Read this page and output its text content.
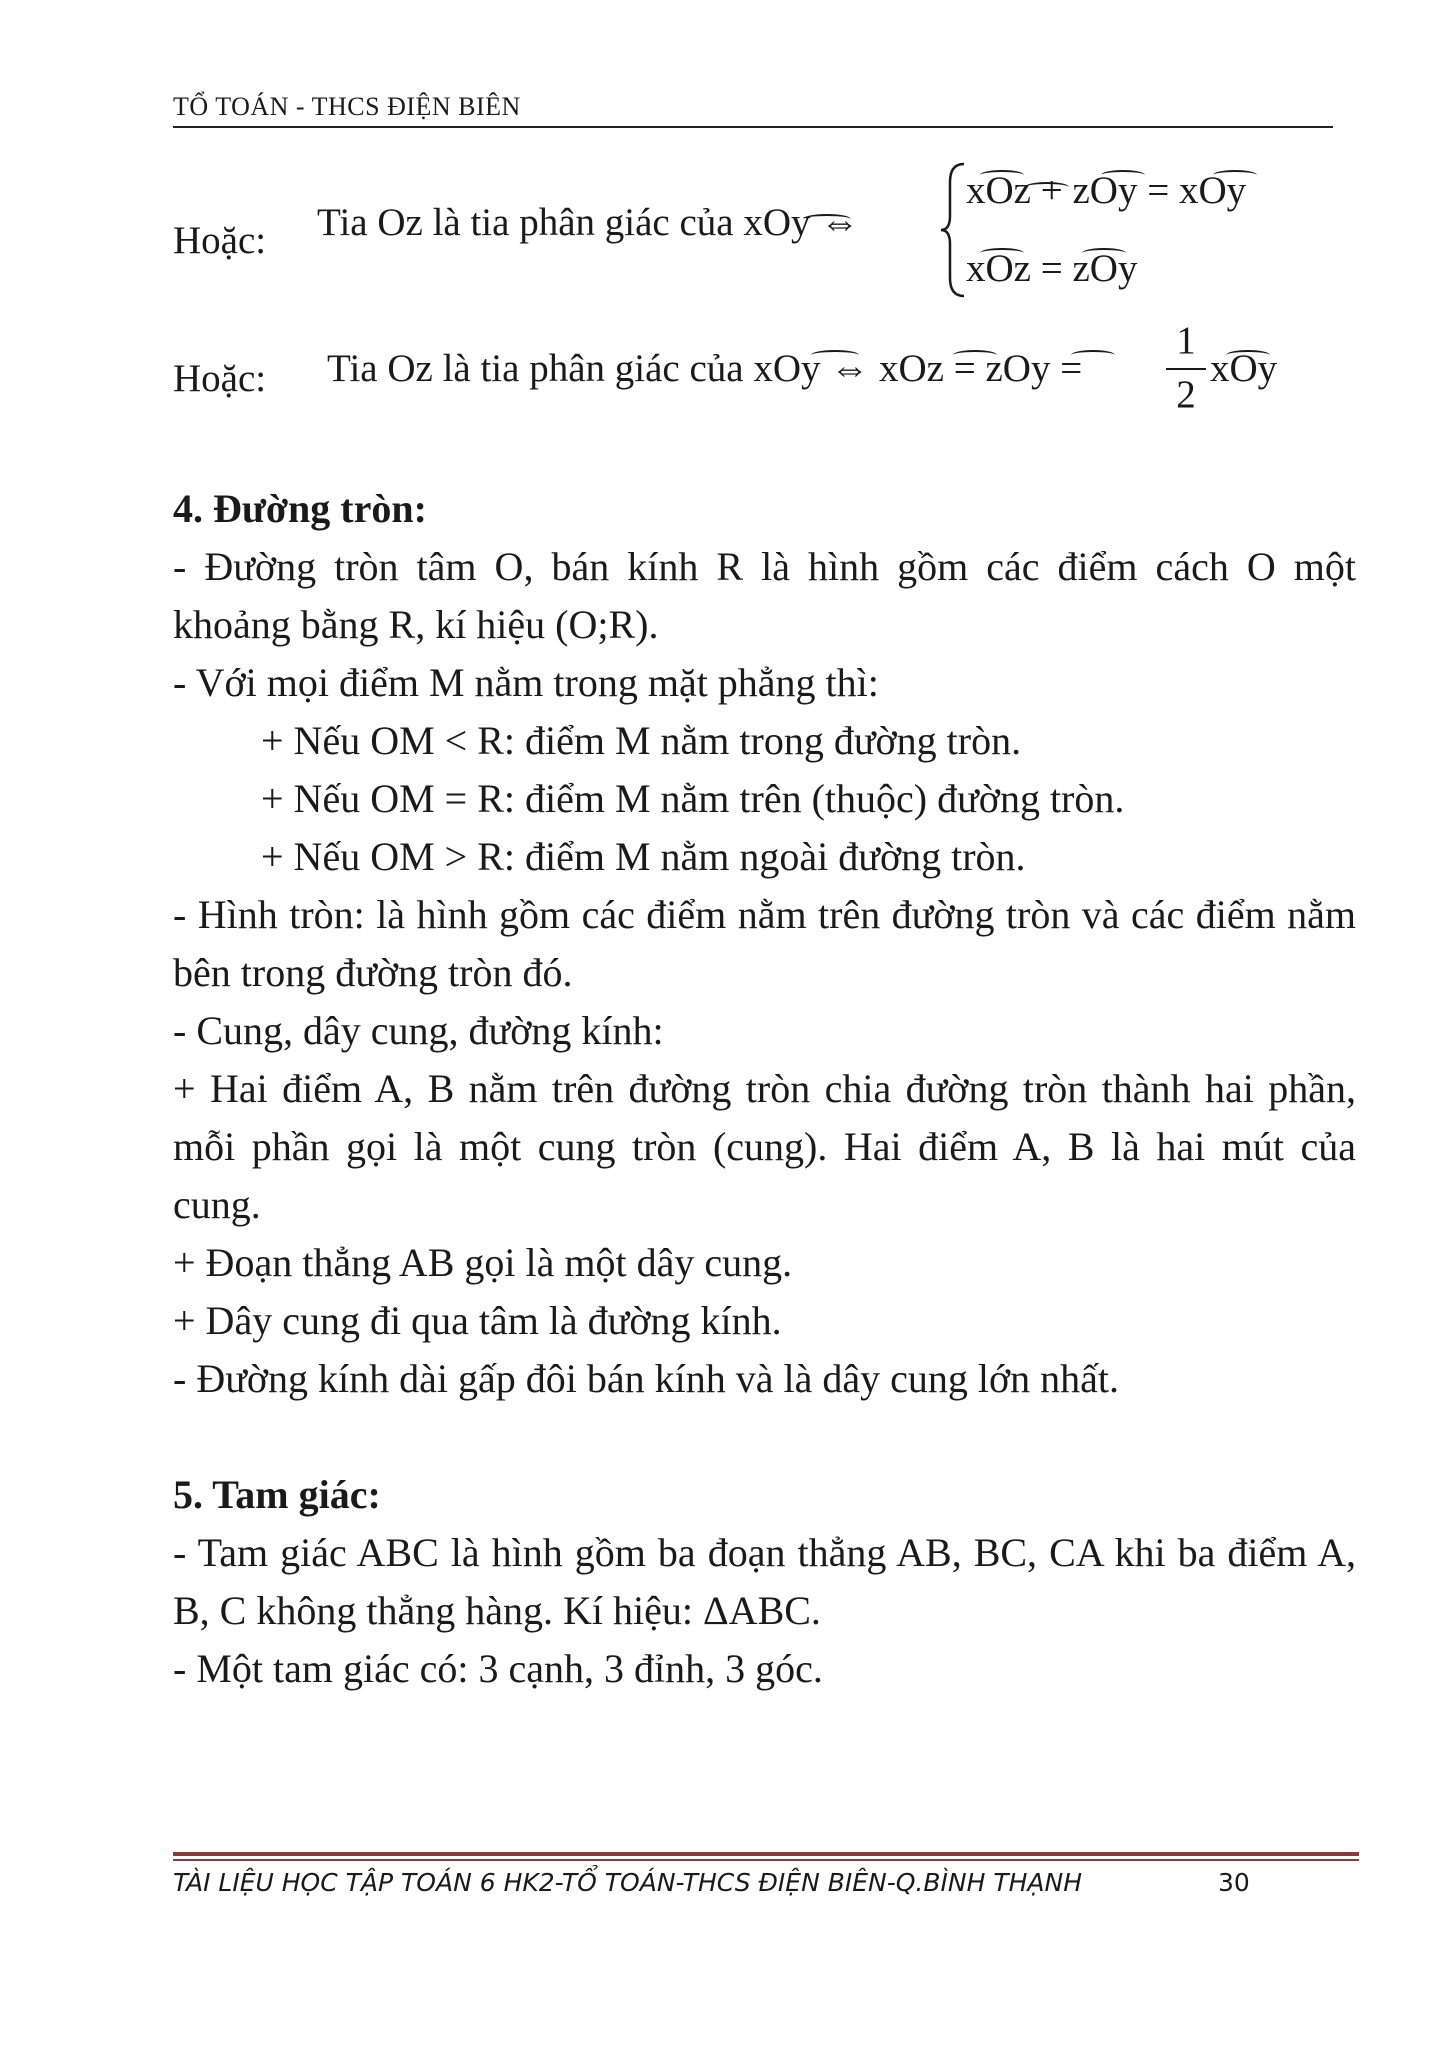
TỔ TOÁN - THCS ĐIỆN BIÊN
Hoặc: Tia Oz là tia phân giác của xOy ⇔
xOz + zOy = xOy
xOz = zOy
Hoặc: Tia Oz là tia phân giác của xOy ⇔ xOz = zOy =
1
2
xOy

4. Đường tròn:

- Đường tròn tâm O, bán kính R là hình gồm các điểm cách O một khoảng bằng R, kí hiệu (O;R).

- Với mọi điểm M nằm trong mặt phẳng thì:

+ Nếu OM < R: điểm M nằm trong đường tròn.

+ Nếu OM = R: điểm M nằm trên (thuộc) đường tròn.

+ Nếu OM > R: điểm M nằm ngoài đường tròn.

- Hình tròn: là hình gồm các điểm nằm trên đường tròn và các điểm nằm bên trong đường tròn đó.

- Cung, dây cung, đường kính:

+ Hai điểm A, B nằm trên đường tròn chia đường tròn thành hai phần, mỗi phần gọi là một cung tròn (cung). Hai điểm A, B là hai mút của cung.

+ Đoạn thẳng AB gọi là một dây cung.

+ Dây cung đi qua tâm là đường kính.

- Đường kính dài gấp đôi bán kính và là dây cung lớn nhất.

5. Tam giác:

- Tam giác ABC là hình gồm ba đoạn thẳng AB, BC, CA khi ba điểm A, B, C không thẳng hàng. Kí hiệu: ΔABC.

- Một tam giác có: 3 cạnh, 3 đỉnh, 3 góc.

TÀI LIỆU HỌC TẬP TOÁN 6 HK2-TỔ TOÁN-THCS ĐIỆN BIÊN-Q.BÌNH THẠNH	30
